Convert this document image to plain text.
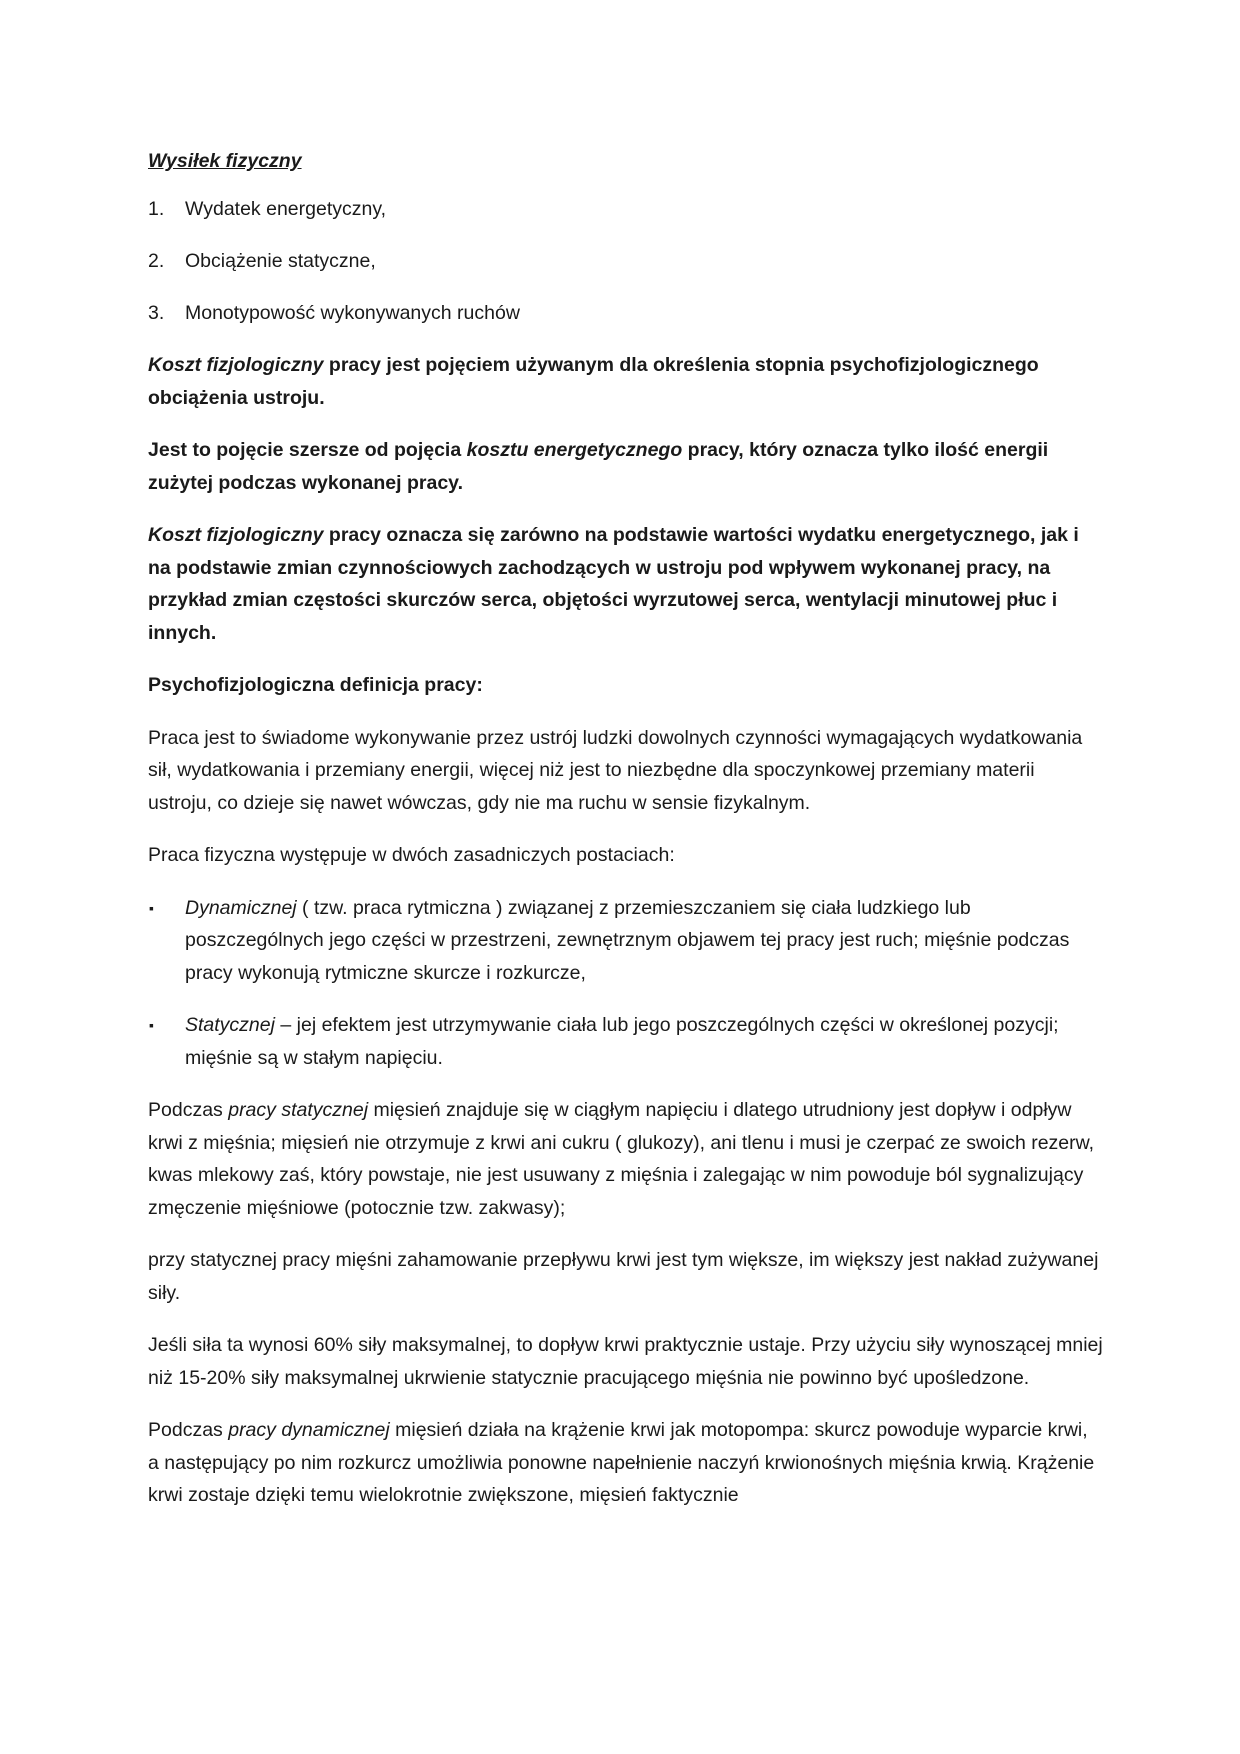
Wysiłek fizyczny
1. Wydatek energetyczny,
2. Obciążenie statyczne,
3. Monotypowość wykonywanych ruchów

Koszt fizjologiczny pracy jest pojęciem używanym dla określenia stopnia psychofizjologicznego obciążenia ustroju.

Jest to pojęcie szersze od pojęcia kosztu energetycznego pracy, który oznacza tylko ilość energii zużytej podczas wykonanej pracy.

Koszt fizjologiczny pracy oznacza się zarówno na podstawie wartości wydatku energetycznego, jak i na podstawie zmian czynnościowych zachodzących w ustroju pod wpływem wykonanej pracy, na przykład zmian częstości skurczów serca, objętości wyrzutowej serca, wentylacji minutowej płuc i innych.

Psychofizjologiczna definicja pracy:

Praca jest to świadome wykonywanie przez ustrój ludzki dowolnych czynności wymagających wydatkowania sił, wydatkowania i przemiany energii, więcej niż jest to niezbędne dla spoczynkowej przemiany materii ustroju, co dzieje się nawet wówczas, gdy nie ma ruchu w sensie fizykalnym.

Praca fizyczna występuje w dwóch zasadniczych postaciach:

▪ Dynamicznej ( tzw. praca rytmiczna ) związanej z przemieszczaniem się ciała ludzkiego lub poszczególnych jego części w przestrzeni, zewnętrznym objawem tej pracy jest ruch; mięśnie podczas pracy wykonują rytmiczne skurcze i rozkurcze,
▪ Statycznej – jej efektem jest utrzymywanie ciała lub jego poszczególnych części w określonej pozycji; mięśnie są w stałym napięciu.

Podczas pracy statycznej mięsień znajduje się w ciągłym napięciu i dlatego utrudniony jest dopływ i odpływ krwi z mięśnia; mięsień nie otrzymuje z krwi ani cukru ( glukozy), ani tlenu i musi je czerpać ze swoich rezerw, kwas mlekowy zaś, który powstaje, nie jest usuwany z mięśnia i zalegając w nim powoduje ból sygnalizujący zmęczenie mięśniowe (potocznie tzw. zakwasy);

przy statycznej pracy mięśni zahamowanie przepływu krwi jest tym większe, im większy jest nakład zużywanej siły.

Jeśli siła ta wynosi 60% siły maksymalnej, to dopływ krwi praktycznie ustaje. Przy użyciu siły wynoszącej mniej niż 15-20% siły maksymalnej ukrwienie statycznie pracującego mięśnia nie powinno być upośledzone.

Podczas pracy dynamicznej mięsień działa na krążenie krwi jak motopompa: skurcz powoduje wyparcie krwi, a następujący po nim rozkurcz umożliwia ponowne napełnienie naczyń krwionośnych mięśnia krwią. Krążenie krwi zostaje dzięki temu wielokrotnie zwiększone, mięsień faktycznie
